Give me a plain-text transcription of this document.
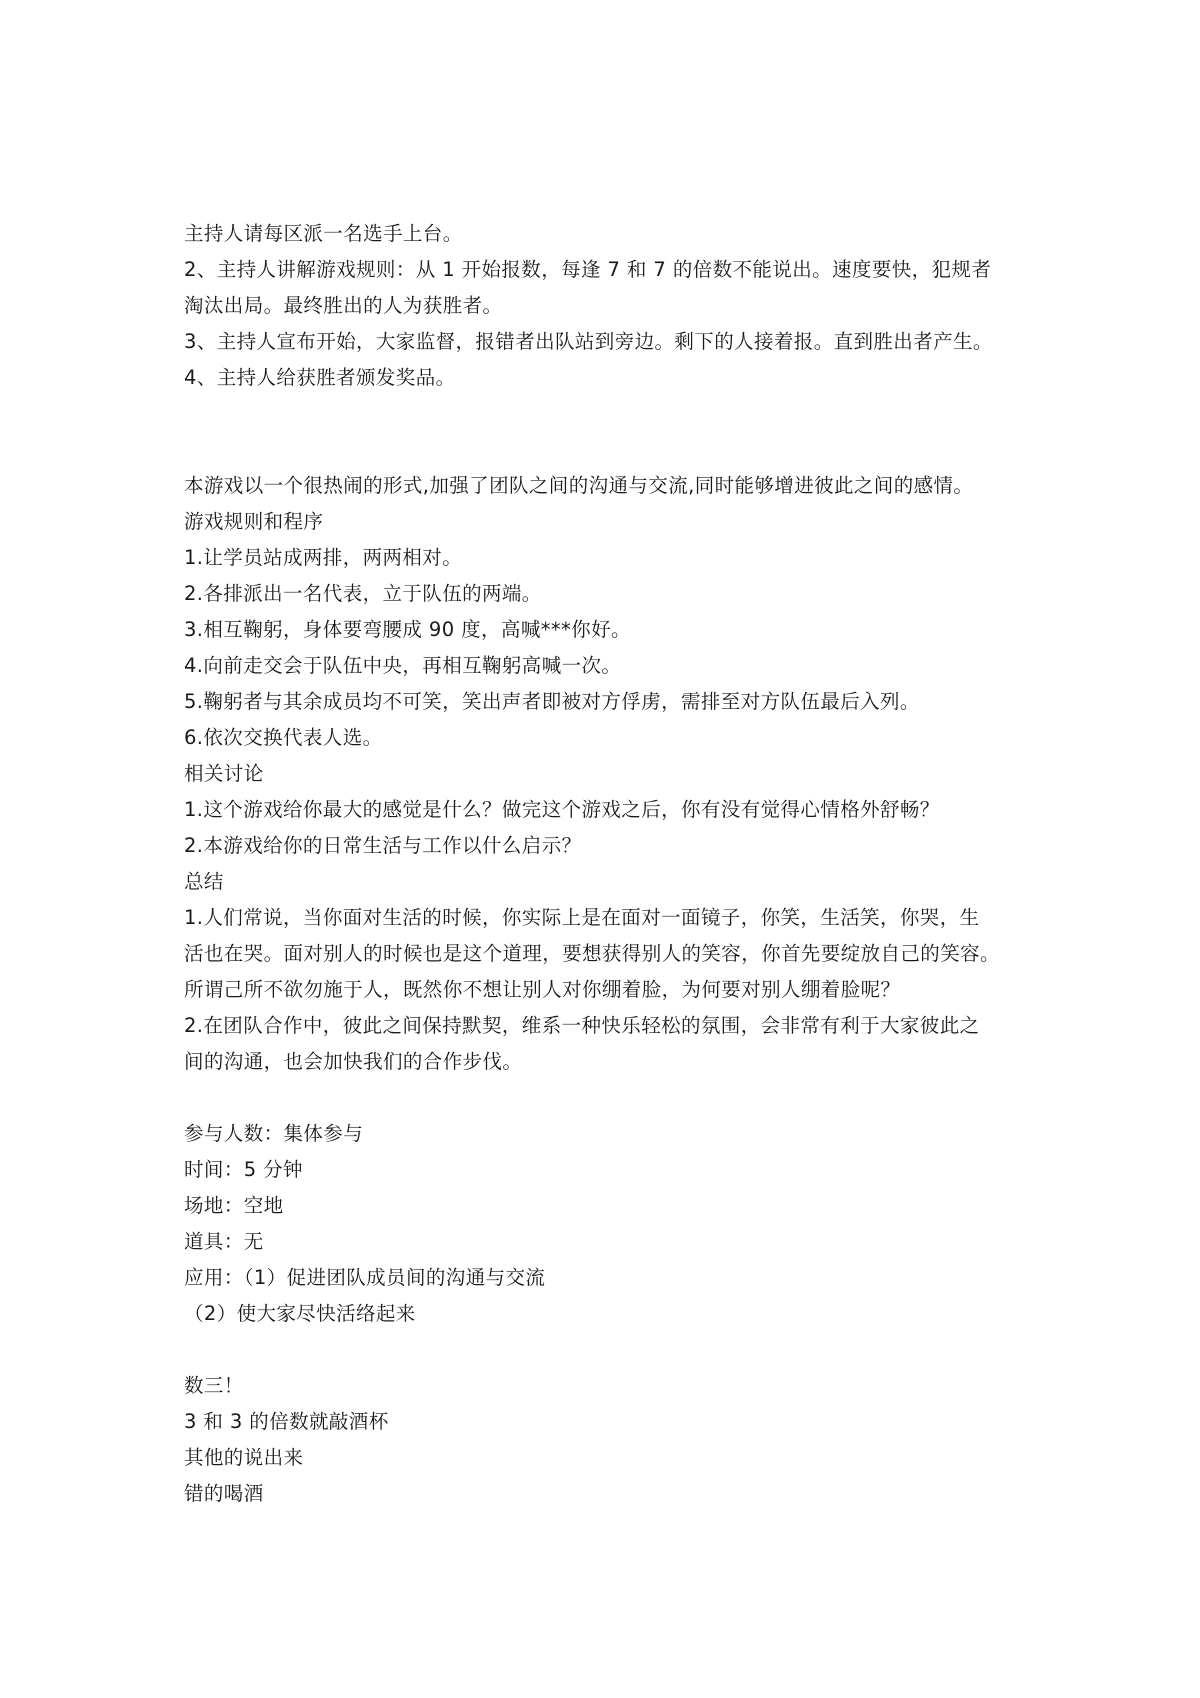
主持人请每区派一名选手上台。
2、主持人讲解游戏规则：从 1 开始报数，每逢 7 和 7 的倍数不能说出。速度要快，犯规者
淘汰出局。最终胜出的人为获胜者。
3、主持人宣布开始，大家监督，报错者出队站到旁边。剩下的人接着报。直到胜出者产生。
4、主持人给获胜者颁发奖品。
本游戏以一个很热闹的形式,加强了团队之间的沟通与交流,同时能够增进彼此之间的感情。
游戏规则和程序
1.让学员站成两排，两两相对。
2.各排派出一名代表，立于队伍的两端。
3.相互鞠躬，身体要弯腰成 90 度，高喊***你好。
4.向前走交会于队伍中央，再相互鞠躬高喊一次。
5.鞠躬者与其余成员均不可笑，笑出声者即被对方俘虏，需排至对方队伍最后入列。
6.依次交换代表人选。
相关讨论
1.这个游戏给你最大的感觉是什么？做完这个游戏之后，你有没有觉得心情格外舒畅？
2.本游戏给你的日常生活与工作以什么启示？
总结
1.人们常说，当你面对生活的时候，你实际上是在面对一面镜子，你笑，生活笑，你哭，生
活也在哭。面对别人的时候也是这个道理，要想获得别人的笑容，你首先要绽放自己的笑容。
所谓己所不欲勿施于人，既然你不想让别人对你绷着脸，为何要对别人绷着脸呢？
2.在团队合作中，彼此之间保持默契，维系一种快乐轻松的氛围，会非常有利于大家彼此之
间的沟通，也会加快我们的合作步伐。
参与人数：集体参与
时间：5 分钟
场地：空地
道具：无
应用：（1）促进团队成员间的沟通与交流
（2）使大家尽快活络起来
数三！
3 和 3 的倍数就敲酒杯
其他的说出来
错的喝酒
